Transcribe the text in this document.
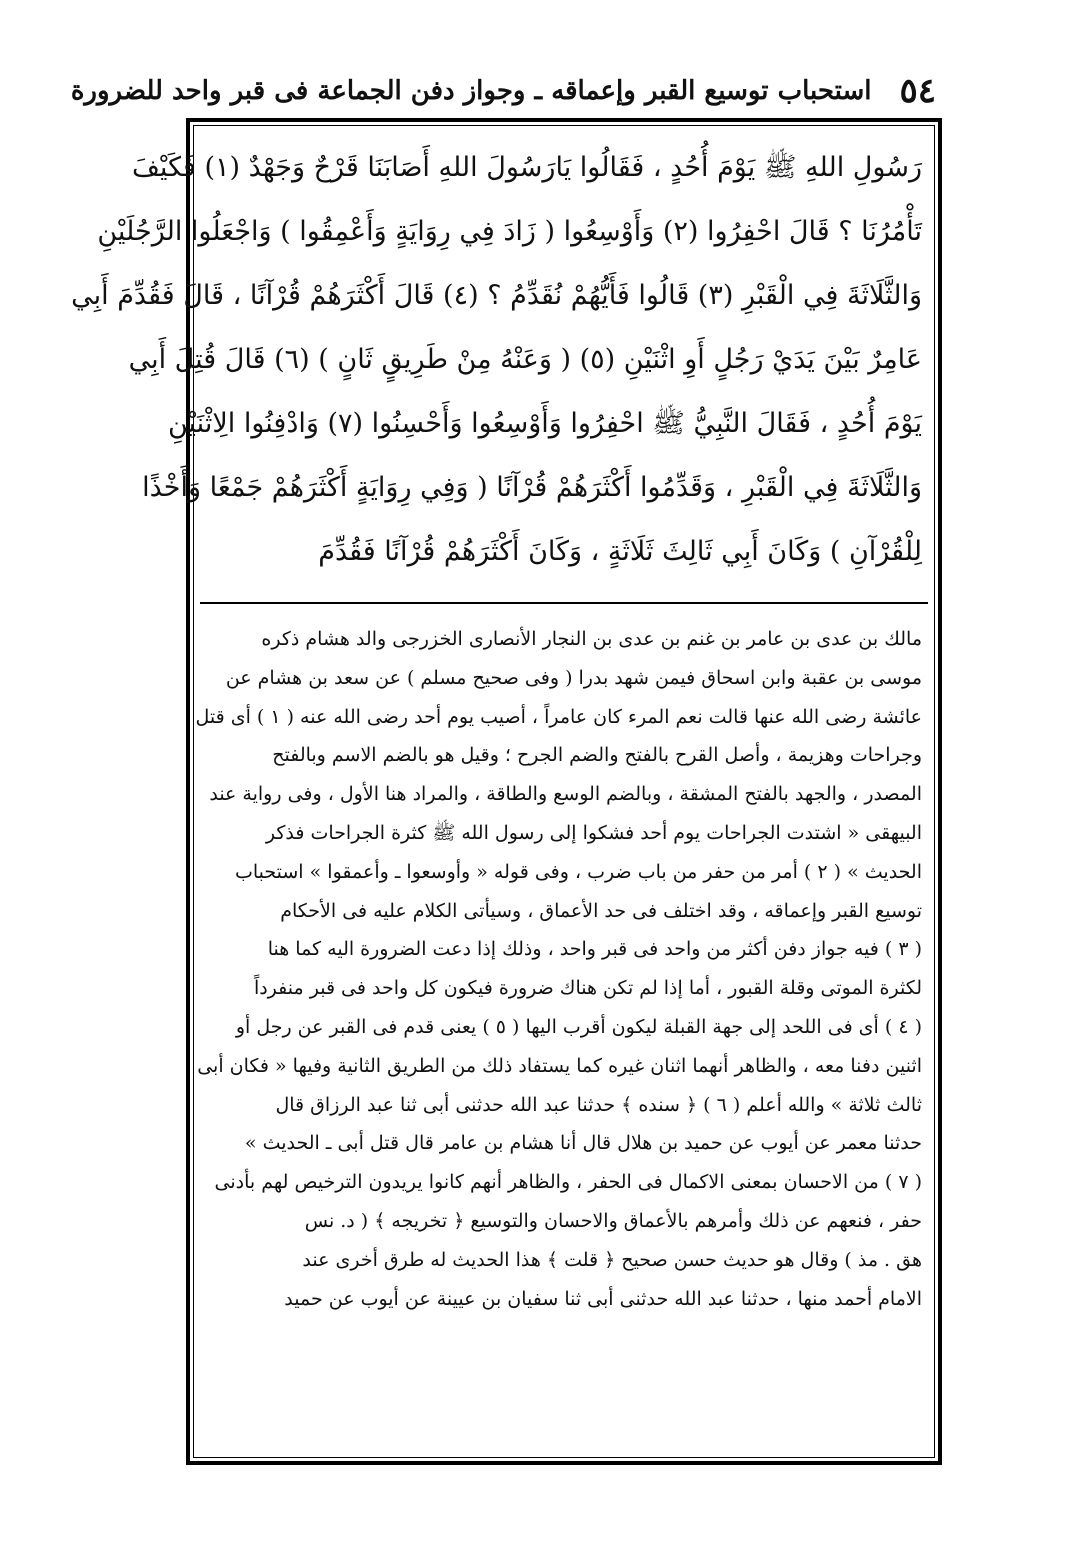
٥٤
استحباب توسيع القبر وإعماقه ـ وجواز دفن الجماعة فى قبر واحد للضرورة
رَسُولِ اللهِ ﷺ يَوْمَ أُحُدٍ ، فَقَالُوا يَارَسُولَ اللهِ أَصَابَنَا قَرْحٌ وَجَهْدٌ (١) فَكَيْفَ
تَأْمُرُنَا ؟ قَالَ احْفِرُوا (٢) وَأَوْسِعُوا ( زَادَ فِي رِوَايَةٍ وَأَعْمِقُوا ) وَاجْعَلُوا الرَّجُلَيْنِ
وَالثَّلَاثَةَ فِي الْقَبْرِ (٣) قَالُوا فَأَيُّهُمْ نُقَدِّمُ ؟ (٤) قَالَ أَكْثَرَهُمْ قُرْآنًا ، قَالَ فَقُدِّمَ أَبِي
عَامِرٌ بَيْنَ يَدَيْ رَجُلٍ أَوِ اثْنَيْنِ (٥) ( وَعَنْهُ مِنْ طَرِيقٍ ثَانٍ ) (٦) قَالَ قُتِلَ أَبِي
يَوْمَ أُحُدٍ ، فَقَالَ النَّبِيُّ ﷺ احْفِرُوا وَأَوْسِعُوا وَأَحْسِنُوا (٧) وَادْفِنُوا الِاثْنَيْنِ
وَالثَّلَاثَةَ فِي الْقَبْرِ ، وَقَدِّمُوا أَكْثَرَهُمْ قُرْآنًا ( وَفِي رِوَايَةٍ أَكْثَرَهُمْ جَمْعًا وَأَخْذًا
لِلْقُرْآنِ ) وَكَانَ أَبِي ثَالِثَ ثَلَاثَةٍ ، وَكَانَ أَكْثَرَهُمْ قُرْآنًا فَقُدِّمَ
مالك بن عدى بن عامر بن غنم بن عدى بن النجار الأنصارى الخزرجى والد هشام ذكره
موسى بن عقبة وابن اسحاق فيمن شهد بدرا ( وفى صحيح مسلم ) عن سعد بن هشام عن
عائشة رضى الله عنها قالت نعم المرء كان عامراً ، أصيب يوم أحد رضى الله عنه ( ١ ) أى قتل
وجراحات وهزيمة ، وأصل القرح بالفتح والضم الجرح ؛ وقيل هو بالضم الاسم وبالفتح
المصدر ، والجهد بالفتح المشقة ، وبالضم الوسع والطاقة ، والمراد هنا الأول ، وفى رواية عند
البيهقى « اشتدت الجراحات يوم أحد فشكوا إلى رسول الله ﷺ كثرة الجراحات فذكر
الحديث » ( ٢ ) أمر من حفر من باب ضرب ، وفى قوله « وأوسعوا ـ وأعمقوا » استحباب
توسيع القبر وإعماقه ، وقد اختلف فى حد الأعماق ، وسيأتى الكلام عليه فى الأحكام
( ٣ ) فيه جواز دفن أكثر من واحد فى قبر واحد ، وذلك إذا دعت الضرورة اليه كما هنا
لكثرة الموتى وقلة القبور ، أما إذا لم تكن هناك ضرورة فيكون كل واحد فى قبر منفرداً
( ٤ ) أى فى اللحد إلى جهة القبلة ليكون أقرب اليها ( ٥ ) يعنى قدم فى القبر عن رجل أو
اثنين دفنا معه ، والظاهر أنهما اثنان غيره كما يستفاد ذلك من الطريق الثانية وفيها « فكان أبى
ثالث ثلاثة » والله أعلم ( ٦ ) ﴿ سنده ﴾ حدثنا عبد الله حدثنى أبى ثنا عبد الرزاق قال
حدثنا معمر عن أيوب عن حميد بن هلال قال أنا هشام بن عامر قال قتل أبى ـ الحديث »
( ٧ ) من الاحسان بمعنى الاكمال فى الحفر ، والظاهر أنهم كانوا يريدون الترخيص لهم بأدنى
حفر ، فنعهم عن ذلك وأمرهم بالأعماق والاحسان والتوسيع ﴿ تخريجه ﴾ ( د. نس
هق . مذ ) وقال هو حديث حسن صحيح ﴿ قلت ﴾ هذا الحديث له طرق أخرى عند
الامام أحمد منها ، حدثنا عبد الله حدثنى أبى ثنا سفيان بن عيينة عن أيوب عن حميد
